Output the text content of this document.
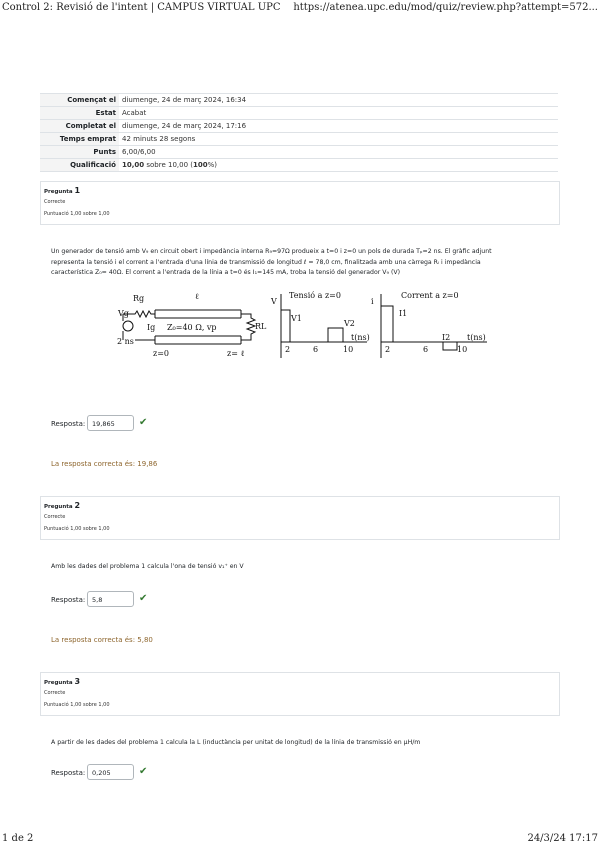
Control 2: Revisió de l'intent | CAMPUS VIRTUAL UPC https://atenea.upc.edu/mod/quiz/review.php?attempt=572...
Començat el	diumenge, 24 de març 2024, 16:34
Estat	Acabat
Completat el	diumenge, 24 de març 2024, 17:16
Temps emprat	42 minuts 28 segons
Punts	6,00/6,00
Qualificació	10,00 sobre 10,00 (100%)
Pregunta 1
Correcte
Puntuació 1,00 sobre 1,00
Un generador de tensió amb V₉ en circuit obert i impedància interna R₉=97Ω produeix a t=0 i z=0 un pols de durada Tₚ=2 ns. El gràfic adjunt
representa la tensió i el corrent a l'entrada d'una línia de transmissió de longitud ℓ = 78,0 cm, finalitzada amb una càrrega Rₗ i impedància
característica Z₀= 40Ω. El corrent a l'entrada de la línia a t=0 és I₁=145 mA, troba la tensió del generador V₉ (V)
Rg	ℓ
Vg
Ig Z₀=40 Ω, vp	RL
2 ns
z=0	z= ℓ
V
Tensió a z=0
V1
V2
2	6	10
t(ns)
i
Corrent a z=0
I1
I2
2	6	10
t(ns)
Resposta:	19,865	✔
La resposta correcta és: 19,86
Pregunta 2
Correcte
Puntuació 1,00 sobre 1,00
Amb les dades del problema 1 calcula l'ona de tensió v₁⁺ en V
Resposta:	5,8	✔
La resposta correcta és: 5,80
Pregunta 3
Correcte
Puntuació 1,00 sobre 1,00
A partir de les dades del problema 1 calcula la L (inductància per unitat de longitud) de la línia de transmissió en μH/m
Resposta:	0,205	✔
1 de 2	24/3/24 17:17
